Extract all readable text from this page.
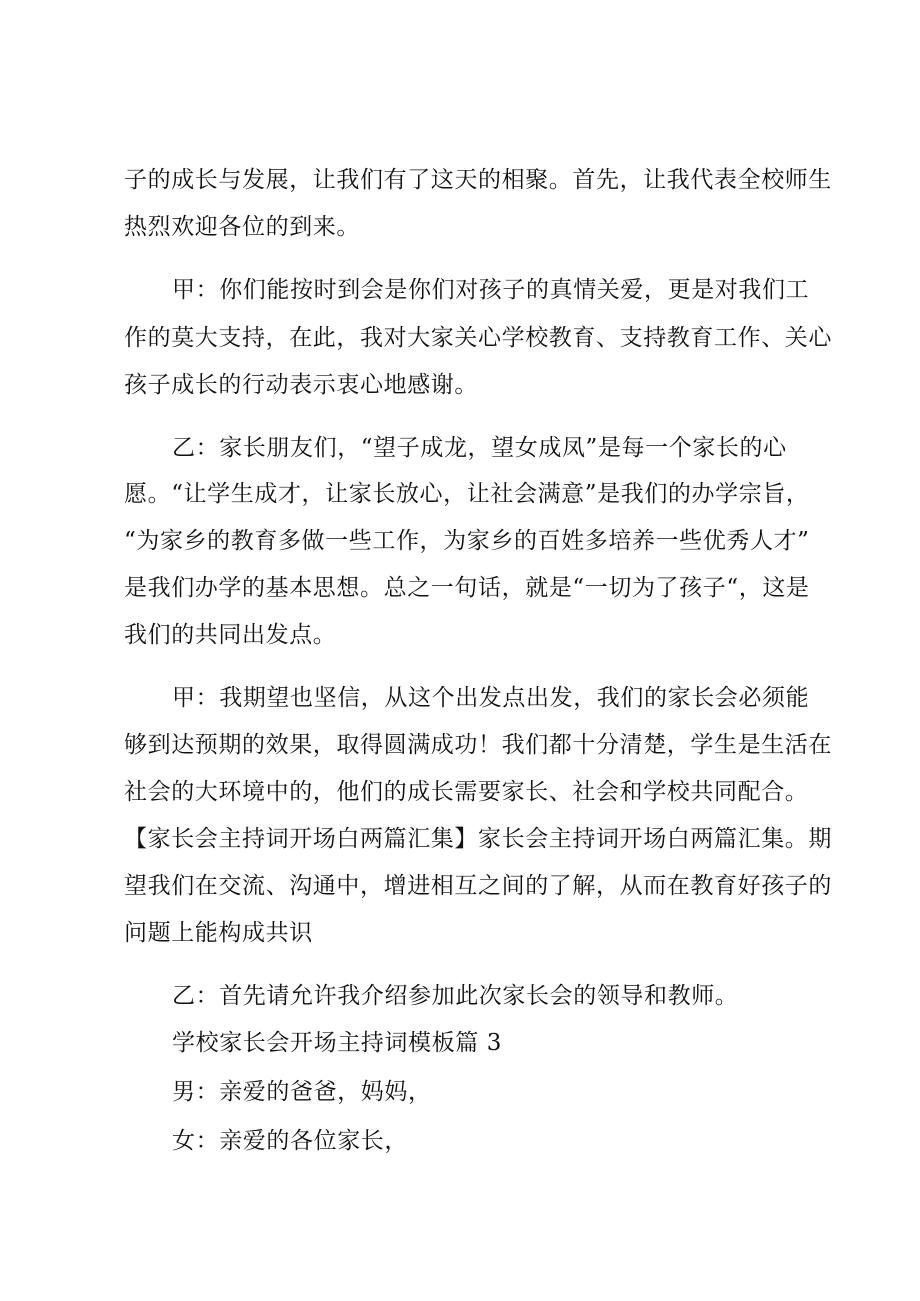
子的成长与发展，让我们有了这天的相聚。首先，让我代表全校师生
热烈欢迎各位的到来。
甲：你们能按时到会是你们对孩子的真情关爱，更是对我们工
作的莫大支持，在此，我对大家关心学校教育、支持教育工作、关心
孩子成长的行动表示衷心地感谢。
乙：家长朋友们，“望子成龙，望女成凤”是每一个家长的心
愿。“让学生成才，让家长放心，让社会满意”是我们的办学宗旨，
“为家乡的教育多做一些工作，为家乡的百姓多培养一些优秀人才”
是我们办学的基本思想。总之一句话，就是“一切为了孩子“，这是
我们的共同出发点。
甲：我期望也坚信，从这个出发点出发，我们的家长会必须能
够到达预期的效果，取得圆满成功！我们都十分清楚，学生是生活在
社会的大环境中的，他们的成长需要家长、社会和学校共同配合。
【家长会主持词开场白两篇汇集】家长会主持词开场白两篇汇集。期
望我们在交流、沟通中，增进相互之间的了解，从而在教育好孩子的
问题上能构成共识
乙：首先请允许我介绍参加此次家长会的领导和教师。
学校家长会开场主持词模板篇 3
男：亲爱的爸爸，妈妈，
女：亲爱的各位家长，
